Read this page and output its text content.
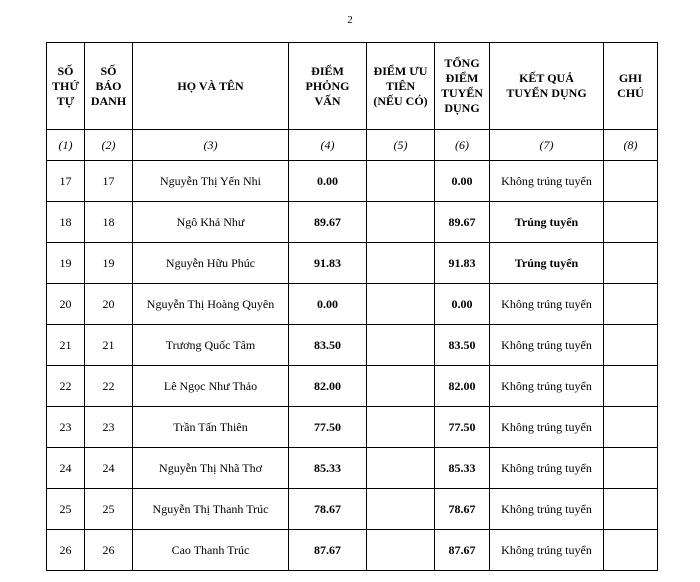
2
SỐ
THỨ
TỰ	SỐ
BÁO
DANH	HỌ VÀ TÊN	ĐIỂM
PHỎNG
VẤN	ĐIỂM ƯU
TIÊN
(NẾU CÓ)	TỔNG
ĐIỂM
TUYỂN
DỤNG	KẾT QUẢ
TUYỂN DỤNG	GHI
CHÚ

(1)	(2)	(3)	(4)	(5)	(6)	(7)	(8)
17	17	Nguyễn Thị Yến Nhi	0.00		0.00	Không trúng tuyển	
18	18	Ngô Khả Như	89.67		89.67	Trúng tuyển	
19	19	Nguyễn Hữu Phúc	91.83		91.83	Trúng tuyển	
20	20	Nguyễn Thị Hoàng Quyên	0.00		0.00	Không trúng tuyển	
21	21	Trương Quốc Tâm	83.50		83.50	Không trúng tuyển	
22	22	Lê Ngọc Như Thảo	82.00		82.00	Không trúng tuyển	
23	23	Trần Tấn Thiên	77.50		77.50	Không trúng tuyển	
24	24	Nguyễn Thị Nhã Thơ	85.33		85.33	Không trúng tuyển	
25	25	Nguyễn Thị Thanh Trúc	78.67		78.67	Không trúng tuyển	
26	26	Cao Thanh Trúc	87.67		87.67	Không trúng tuyển	
